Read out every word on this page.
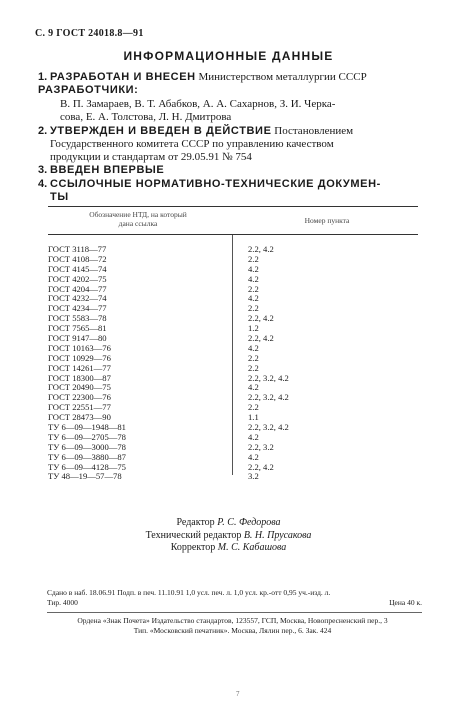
С. 9 ГОСТ 24018.8—91
ИНФОРМАЦИОННЫЕ ДАННЫЕ
1. РАЗРАБОТАН И ВНЕСЕН Министерством металлургии СССР
РАЗРАБОТЧИКИ:
В. П. Замараев, В. Т. Абабков, А. А. Сахарнов, З. И. Черка-
сова, Е. А. Толстова, Л. Н. Дмитрова
2. УТВЕРЖДЕН И ВВЕДЕН В ДЕЙСТВИЕ Постановлением
Государственного комитета СССР по управлению качеством
продукции и стандартам от 29.05.91 № 754
3. ВВЕДЕН ВПЕРВЫЕ
4. ССЫЛОЧНЫЕ НОРМАТИВНО-ТЕХНИЧЕСКИЕ ДОКУМЕН-
ТЫ
Обозначение НТД, на который
дана ссылка	Номер пункта
ГОСТ 3118—77	2.2, 4.2
ГОСТ 4108—72	2.2
ГОСТ 4145—74	4.2
ГОСТ 4202—75	4.2
ГОСТ 4204—77	2.2
ГОСТ 4232—74	4.2
ГОСТ 4234—77	2.2
ГОСТ 5583—78	2.2, 4.2
ГОСТ 7565—81	1.2
ГОСТ 9147—80	2.2, 4.2
ГОСТ 10163—76	4.2
ГОСТ 10929—76	2.2
ГОСТ 14261—77	2.2
ГОСТ 18300—87	2.2, 3.2, 4.2
ГОСТ 20490—75	4.2
ГОСТ 22300—76	2.2, 3.2, 4.2
ГОСТ 22551—77	2.2
ГОСТ 28473—90	1.1
ТУ 6—09—1948—81	2.2, 3.2, 4.2
ТУ 6—09—2705—78	4.2
ТУ 6—09—3000—78	2.2, 3.2
ТУ 6—09—3880—87	4.2
ТУ 6—09—4128—75	2.2, 4.2
ТУ 48—19—57—78	3.2
Редактор Р. С. Федорова
Технический редактор В. Н. Прусакова
Корректор М. С. Кабашова
Сдано в наб. 18.06.91 Подп. в печ. 11.10.91 1,0 усл. печ. л. 1,0 усл. кр.-отт 0,95 уч.-изд. л.
Тир. 4000	Цена 40 к.
Ордена «Знак Почета» Издательство стандартов, 123557, ГСП, Москва, Новопресненский пер., 3
Тип. «Московский печатник». Москва, Лялин пер., 6. Зак. 424
7
